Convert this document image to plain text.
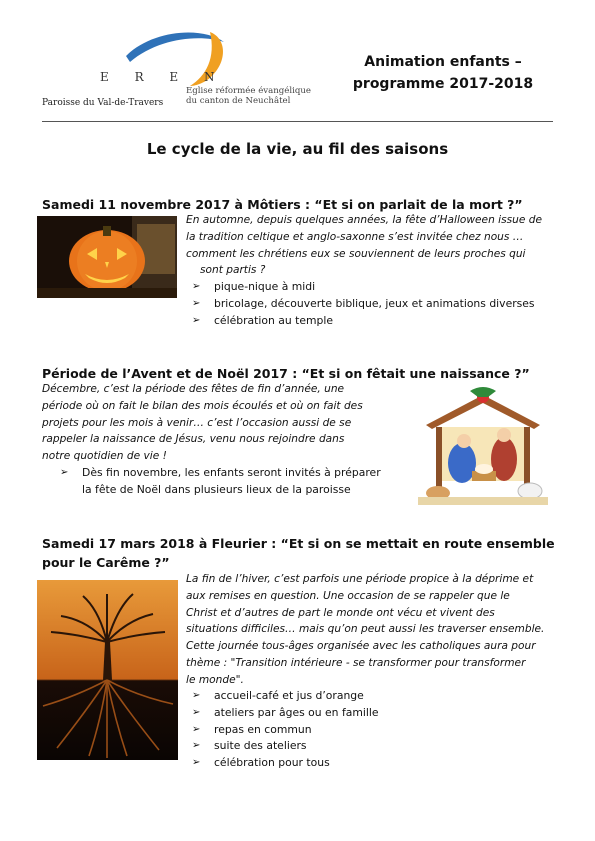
E R E N
Eglise réformée évangélique
du canton de Neuchâtel
Paroisse du Val-de-Travers
Animation enfants –
programme 2017-2018
Le cycle de la vie, au fil des saisons
Samedi 11 novembre 2017 à Môtiers : “Et si on parlait de la mort ?”
En automne, depuis quelques années, la fête d’Halloween issue de
la tradition celtique et anglo-saxonne s’est invitée chez nous …
comment les chrétiens eux se souviennent de leurs proches qui
sont partis ?
➢ pique-nique à midi
➢ bricolage, découverte biblique, jeux et animations diverses
➢ célébration au temple
Période de l’Avent et de Noël 2017 : “Et si on fêtait une naissance ?”
Décembre, c’est la période des fêtes de fin d’année, une
période où on fait le bilan des mois écoulés et où on fait des
projets pour les mois à venir… c’est l’occasion aussi de se
rappeler la naissance de Jésus, venu nous rejoindre dans
notre quotidien de vie !
➢ Dès fin novembre, les enfants seront invités à préparer
la fête de Noël dans plusieurs lieux de la paroisse
Samedi 17 mars 2018 à Fleurier : “Et si on se mettait en route ensemble
pour le Carême ?”
La fin de l’hiver, c’est parfois une période propice à la déprime et
aux remises en question. Une occasion de se rappeler que le
Christ et d’autres de part le monde ont vécu et vivent des
situations difficiles… mais qu’on peut aussi les traverser ensemble.
Cette journée tous-âges organisée avec les catholiques aura pour
thème : "Transition intérieure - se transformer pour transformer
le monde".
➢ accueil-café et jus d’orange
➢ ateliers par âges ou en famille
➢ repas en commun
➢ suite des ateliers
➢ célébration pour tous
